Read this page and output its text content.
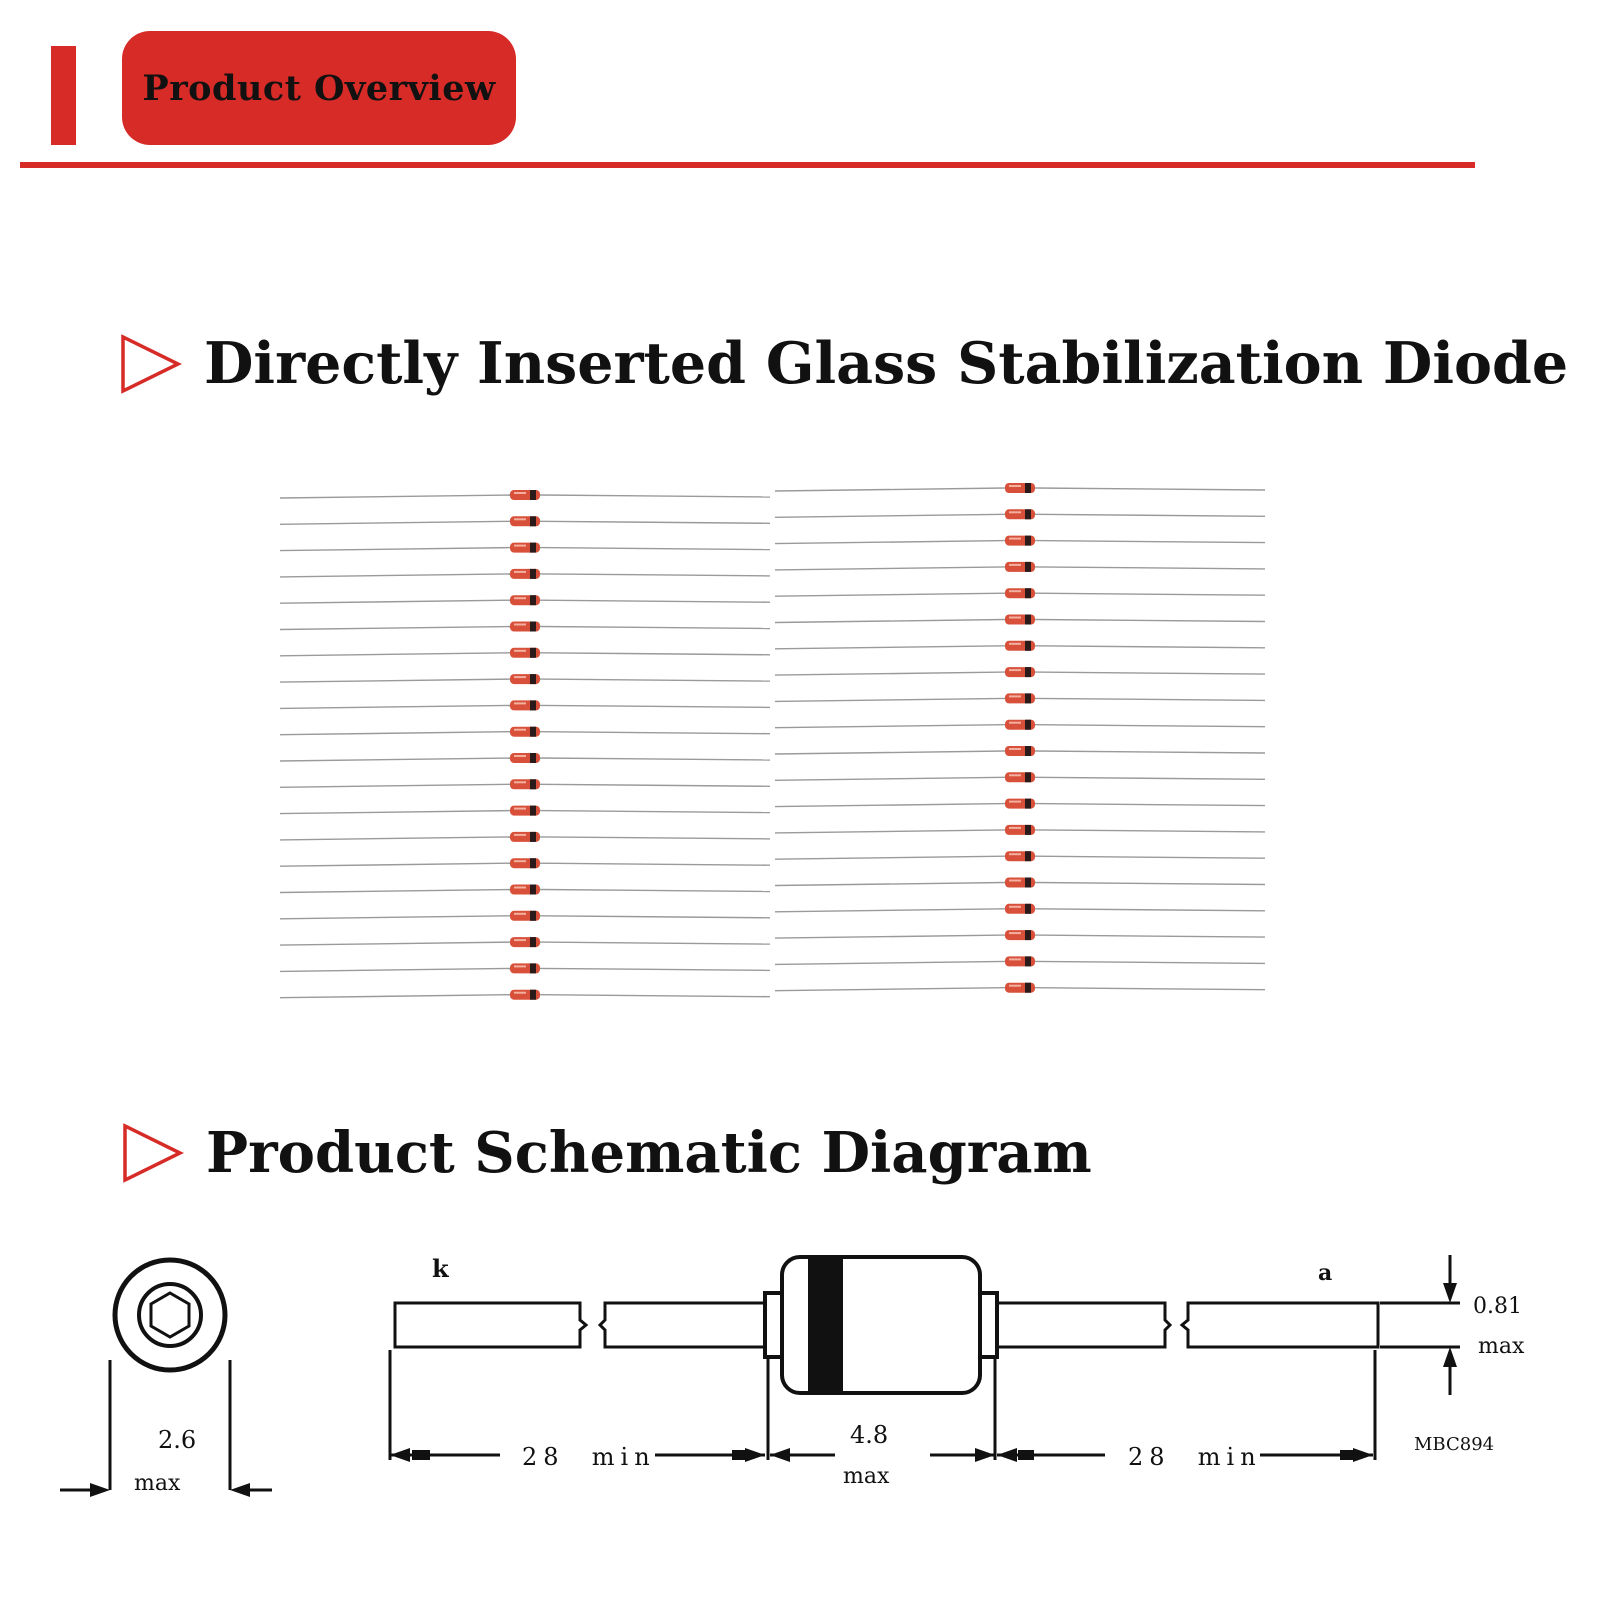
Product Overview
Directly Inserted Glass Stabilization Diode
Product Schematic Diagram
2.6
max
k	a
0.81
max
28  min
4.8
max
28  min	MBC894
